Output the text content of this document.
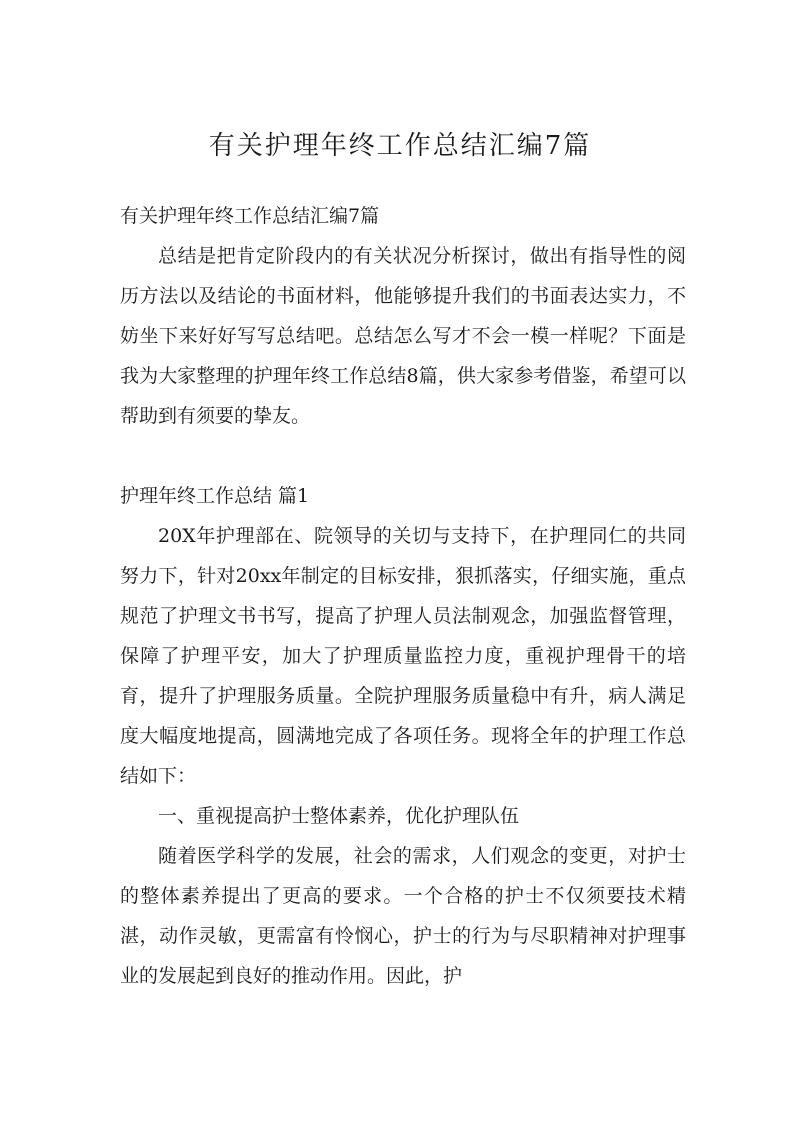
有关护理年终工作总结汇编7篇

有关护理年终工作总结汇编7篇

总结是把肯定阶段内的有关状况分析探讨，做出有指导性的阅历方法以及结论的书面材料，他能够提升我们的书面表达实力，不妨坐下来好好写写总结吧。总结怎么写才不会一模一样呢？下面是我为大家整理的护理年终工作总结8篇，供大家参考借鉴，希望可以帮助到有须要的挚友。

护理年终工作总结 篇1

20X年护理部在、院领导的关切与支持下，在护理同仁的共同努力下，针对20xx年制定的目标安排，狠抓落实，仔细实施，重点规范了护理文书书写，提高了护理人员法制观念，加强监督管理，保障了护理平安，加大了护理质量监控力度，重视护理骨干的培育，提升了护理服务质量。全院护理服务质量稳中有升，病人满足度大幅度地提高，圆满地完成了各项任务。现将全年的护理工作总结如下：

一、重视提高护士整体素养，优化护理队伍

随着医学科学的发展，社会的需求，人们观念的变更，对护士的整体素养提出了更高的要求。一个合格的护士不仅须要技术精湛，动作灵敏，更需富有怜悯心，护士的行为与尽职精神对护理事业的发展起到良好的推动作用。因此，护
